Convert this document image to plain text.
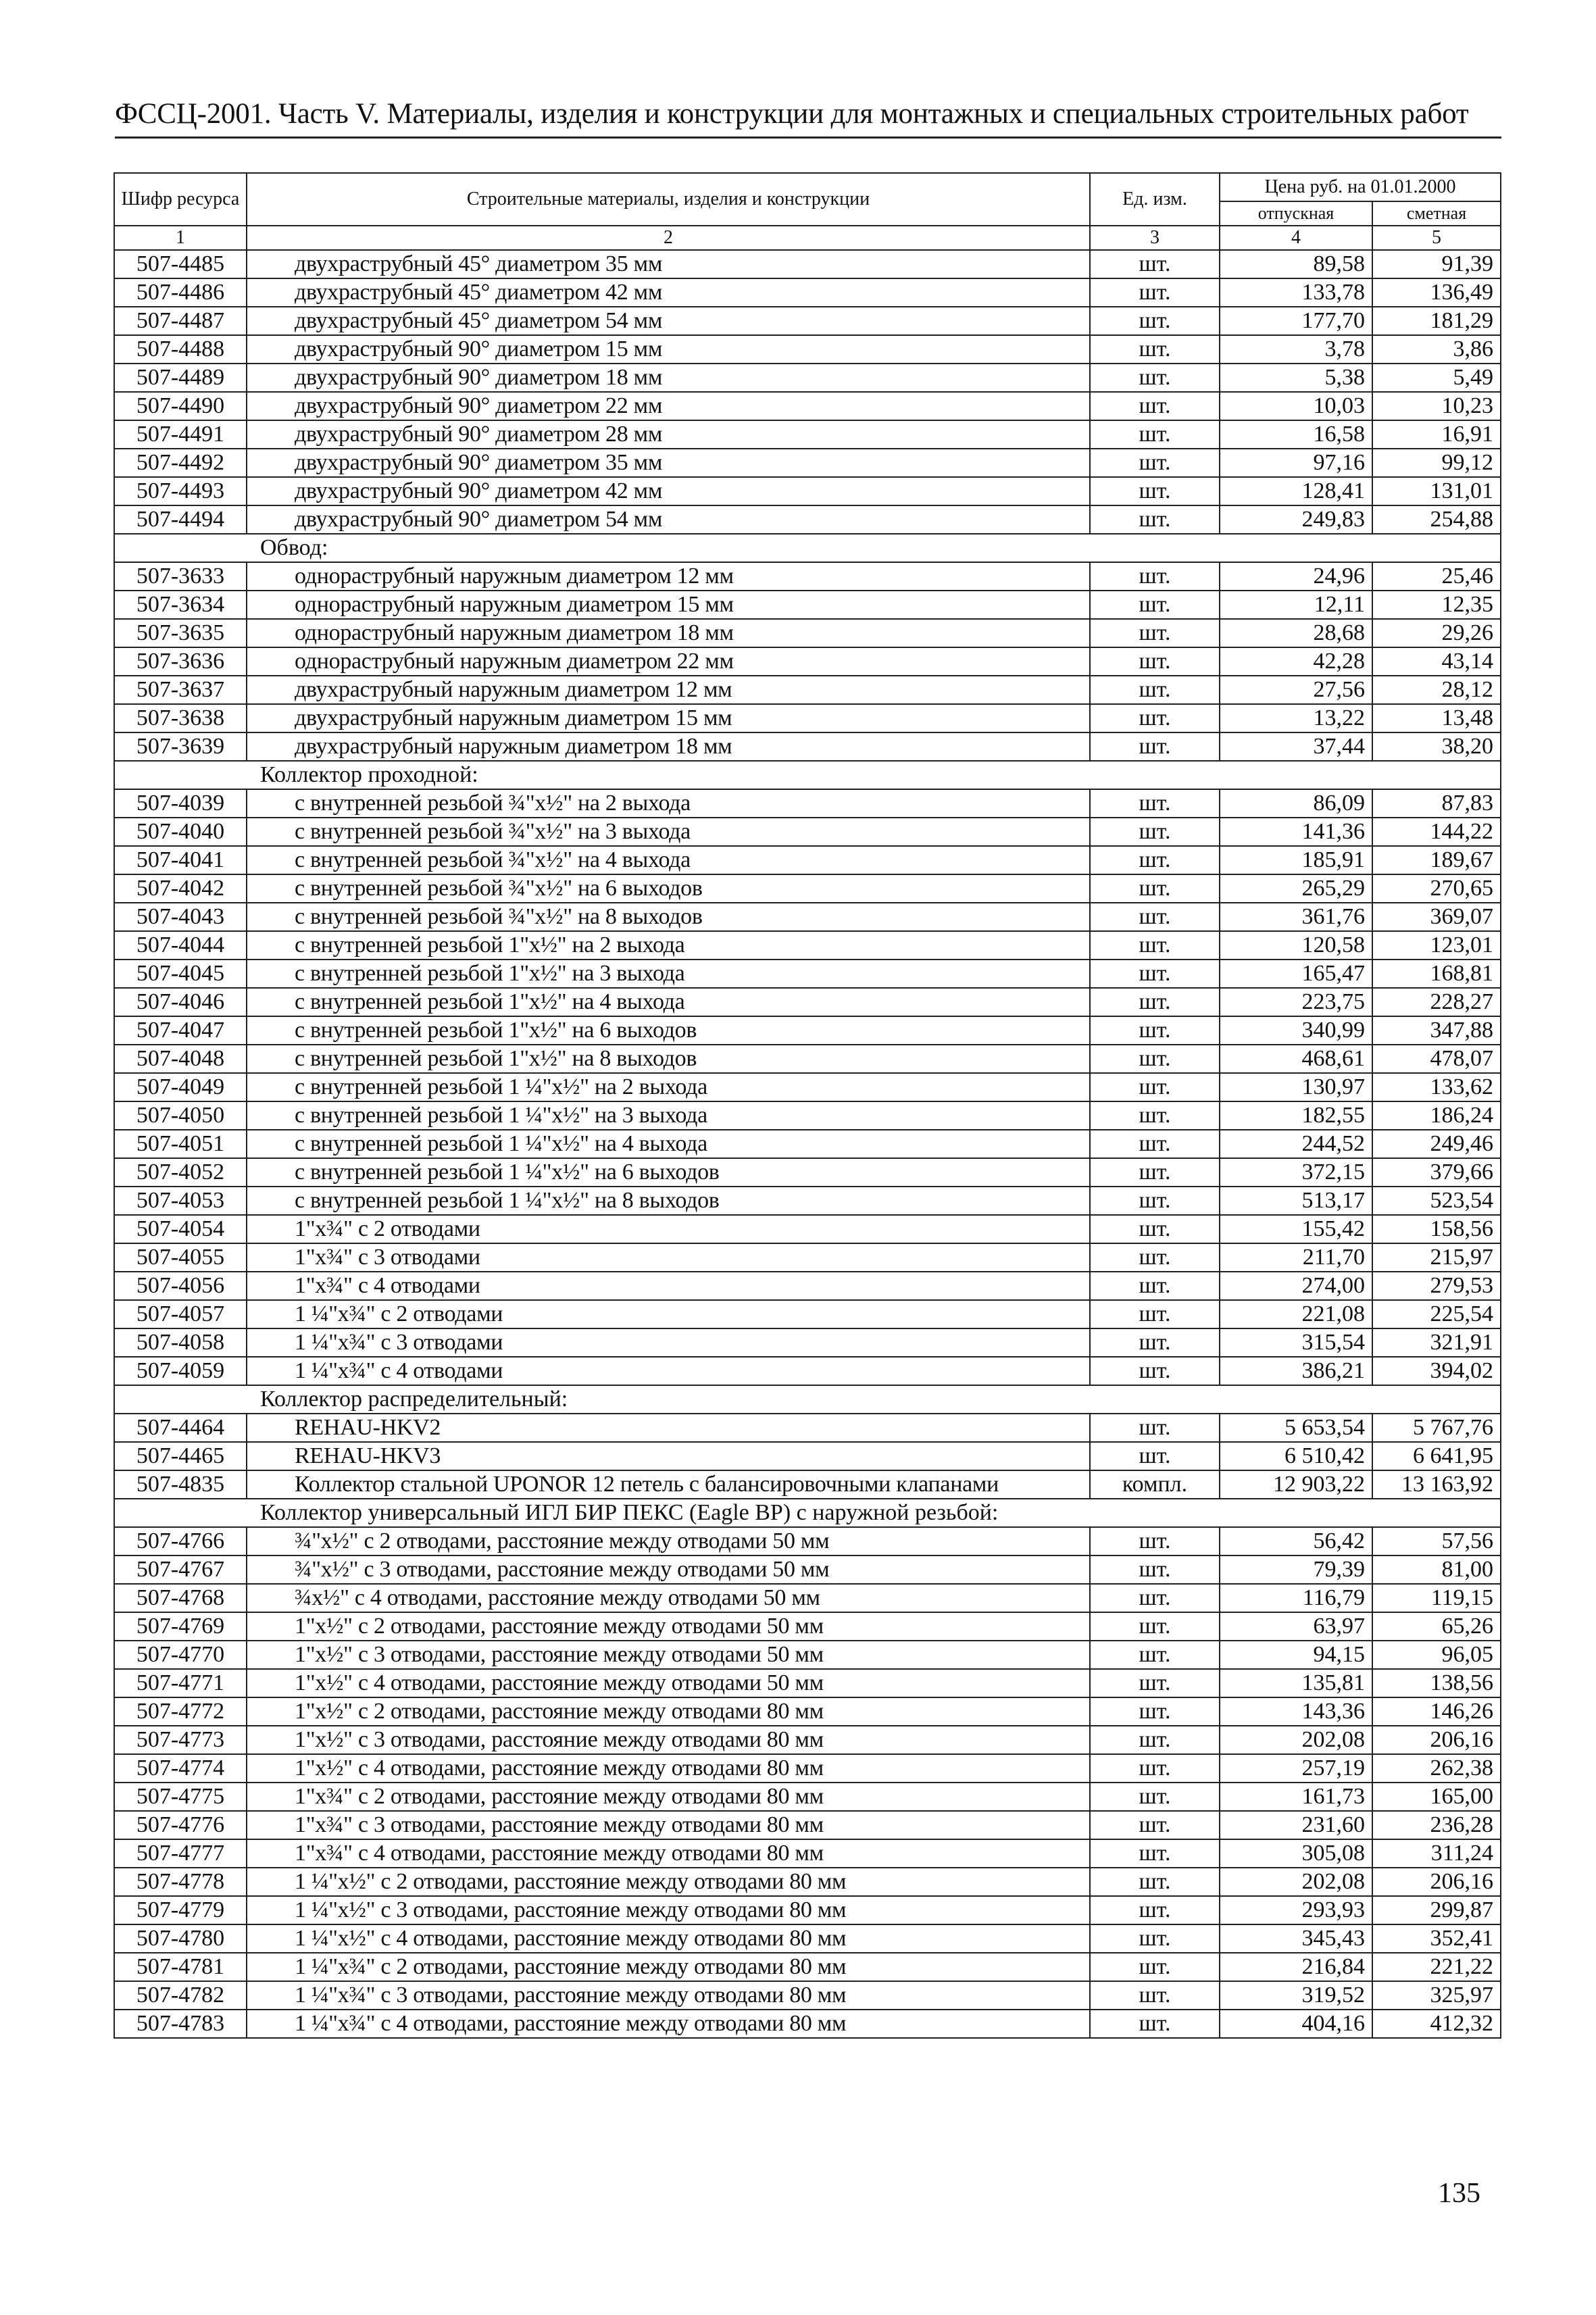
ФССЦ-2001. Часть V. Материалы, изделия и конструкции для монтажных и специальных строительных работ
Шифр ресурса	Строительные материалы, изделия и конструкции	Ед. изм.	Цена руб. на 01.01.2000	
			отпускная	сметная
1	2	3	4	5
507-4485	двухраструбный 45° диаметром 35 мм	шт.	89,58	91,39
507-4486	двухраструбный 45° диаметром 42 мм	шт.	133,78	136,49
507-4487	двухраструбный 45° диаметром 54 мм	шт.	177,70	181,29
507-4488	двухраструбный 90° диаметром 15 мм	шт.	3,78	3,86
507-4489	двухраструбный 90° диаметром 18 мм	шт.	5,38	5,49
507-4490	двухраструбный 90° диаметром 22 мм	шт.	10,03	10,23
507-4491	двухраструбный 90° диаметром 28 мм	шт.	16,58	16,91
507-4492	двухраструбный 90° диаметром 35 мм	шт.	97,16	99,12
507-4493	двухраструбный 90° диаметром 42 мм	шт.	128,41	131,01
507-4494	двухраструбный 90° диаметром 54 мм	шт.	249,83	254,88
Обвод:				
507-3633	однораструбный наружным диаметром 12 мм	шт.	24,96	25,46
507-3634	однораструбный наружным диаметром 15 мм	шт.	12,11	12,35
507-3635	однораструбный наружным диаметром 18 мм	шт.	28,68	29,26
507-3636	однораструбный наружным диаметром 22 мм	шт.	42,28	43,14
507-3637	двухраструбный наружным диаметром 12 мм	шт.	27,56	28,12
507-3638	двухраструбный наружным диаметром 15 мм	шт.	13,22	13,48
507-3639	двухраструбный наружным диаметром 18 мм	шт.	37,44	38,20
Коллектор проходной:				
507-4039	с внутренней резьбой ¾"х½" на 2 выхода	шт.	86,09	87,83
507-4040	с внутренней резьбой ¾"х½" на 3 выхода	шт.	141,36	144,22
507-4041	с внутренней резьбой ¾"х½" на 4 выхода	шт.	185,91	189,67
507-4042	с внутренней резьбой ¾"х½" на 6 выходов	шт.	265,29	270,65
507-4043	с внутренней резьбой ¾"х½" на 8 выходов	шт.	361,76	369,07
507-4044	с внутренней резьбой 1"х½" на 2 выхода	шт.	120,58	123,01
507-4045	с внутренней резьбой 1"х½" на 3 выхода	шт.	165,47	168,81
507-4046	с внутренней резьбой 1"х½" на 4 выхода	шт.	223,75	228,27
507-4047	с внутренней резьбой 1"х½" на 6 выходов	шт.	340,99	347,88
507-4048	с внутренней резьбой 1"х½" на 8 выходов	шт.	468,61	478,07
507-4049	с внутренней резьбой 1 ¼"х½" на 2 выхода	шт.	130,97	133,62
507-4050	с внутренней резьбой 1 ¼"х½" на 3 выхода	шт.	182,55	186,24
507-4051	с внутренней резьбой 1 ¼"х½" на 4 выхода	шт.	244,52	249,46
507-4052	с внутренней резьбой 1 ¼"х½" на 6 выходов	шт.	372,15	379,66
507-4053	с внутренней резьбой 1 ¼"х½" на 8 выходов	шт.	513,17	523,54
507-4054	1"х¾" с 2 отводами	шт.	155,42	158,56
507-4055	1"х¾" с 3 отводами	шт.	211,70	215,97
507-4056	1"х¾" с 4 отводами	шт.	274,00	279,53
507-4057	1 ¼"х¾" с 2 отводами	шт.	221,08	225,54
507-4058	1 ¼"х¾" с 3 отводами	шт.	315,54	321,91
507-4059	1 ¼"х¾" с 4 отводами	шт.	386,21	394,02
Коллектор распределительный:				
507-4464	REHAU-HKV2	шт.	5 653,54	5 767,76
507-4465	REHAU-HKV3	шт.	6 510,42	6 641,95
507-4835	Коллектор стальной UPONOR 12 петель с балансировочными клапанами	компл.	12 903,22	13 163,92
Коллектор универсальный ИГЛ БИР ПЕКС (Eagle BP) с наружной резьбой:				
507-4766	¾"х½" с 2 отводами, расстояние между отводами 50 мм	шт.	56,42	57,56
507-4767	¾"х½" с 3 отводами, расстояние между отводами 50 мм	шт.	79,39	81,00
507-4768	¾х½" с 4 отводами, расстояние между отводами 50 мм	шт.	116,79	119,15
507-4769	1"х½" с 2 отводами, расстояние между отводами 50 мм	шт.	63,97	65,26
507-4770	1"х½" с 3 отводами, расстояние между отводами 50 мм	шт.	94,15	96,05
507-4771	1"х½" с 4 отводами, расстояние между отводами 50 мм	шт.	135,81	138,56
507-4772	1"х½" с 2 отводами, расстояние между отводами 80 мм	шт.	143,36	146,26
507-4773	1"х½" с 3 отводами, расстояние между отводами 80 мм	шт.	202,08	206,16
507-4774	1"х½" с 4 отводами, расстояние между отводами 80 мм	шт.	257,19	262,38
507-4775	1"х¾" с 2 отводами, расстояние между отводами 80 мм	шт.	161,73	165,00
507-4776	1"х¾" с 3 отводами, расстояние между отводами 80 мм	шт.	231,60	236,28
507-4777	1"х¾" с 4 отводами, расстояние между отводами 80 мм	шт.	305,08	311,24
507-4778	1 ¼"х½" с 2 отводами, расстояние между отводами 80 мм	шт.	202,08	206,16
507-4779	1 ¼"х½" с 3 отводами, расстояние между отводами 80 мм	шт.	293,93	299,87
507-4780	1 ¼"х½" с 4 отводами, расстояние между отводами 80 мм	шт.	345,43	352,41
507-4781	1 ¼"х¾" с 2 отводами, расстояние между отводами 80 мм	шт.	216,84	221,22
507-4782	1 ¼"х¾" с 3 отводами, расстояние между отводами 80 мм	шт.	319,52	325,97
507-4783	1 ¼"х¾" с 4 отводами, расстояние между отводами 80 мм	шт.	404,16	412,32
135
